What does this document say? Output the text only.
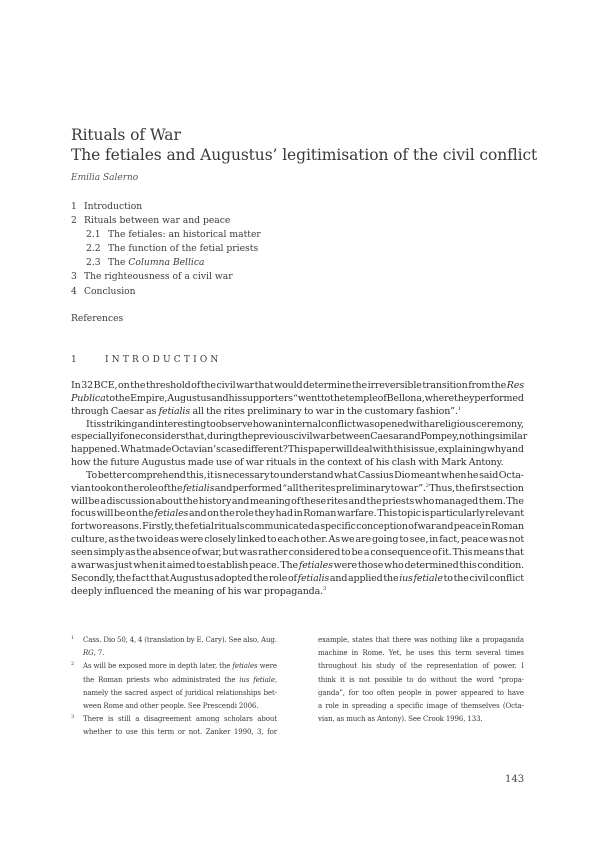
Rituals of War
The fetiales and Augustus’ legitimisation of the civil conflict
Emilia Salerno
1 Introduction
2 Rituals between war and peace
2.1 The fetiales: an historical matter
2.2 The function of the fetial priests
2.3 The Columna Bellica
3 The righteousness of a civil war
4 Conclusion
References
1	INTRODUCTION
In 32 BCE, on the threshold of the civil war that would determine the irreversible transition from the Res
Publica to the Empire, Augustus and his supporters “went to the temple of Bellona, where they performed
through Caesar as fetialis all the rites preliminary to war in the customary fashion”.$^1$
It is striking and interesting to observe how an internal conflict was opened with a religious ceremony,
especially if one considers that, during the previous civil war between Caesar and Pompey, nothing similar
happened. What made Octavian’s case different? This paper will deal with this issue, explaining why and
how the future Augustus made use of war rituals in the context of his clash with Mark Antony.
To better comprehend this, it is necessary to understand what Cassius Dio meant when he said Octa-
vian took on the role of the fetialis and performed “all the rites preliminary to war”.$^2$ Thus, the first section
will be a discussion about the history and meaning of these rites and the priests who managed them. The
focus will be on the fetiales and on the role they had in Roman warfare. This topic is particularly relevant
for two reasons. Firstly, the fetial rituals communicated a specific conception of war and peace in Roman
culture, as the two ideas were closely linked to each other. As we are going to see, in fact, peace was not
seen simply as the absence of war, but was rather considered to be a consequence of it. This means that
a war was just when it aimed to establish peace. The fetiales were those who determined this condition.
Secondly, the fact that Augustus adopted the role of fetialis and applied the ius fetiale to the civil conflict
deeply influenced the meaning of his war propaganda.$^3$
1 Cass. Dio 50, 4, 4 (translation by E. Cary). See also, Aug.
RG, 7.
2 As will be exposed more in depth later, the fetiales were
the Roman priests who administrated the ius fetiale,
namely the sacred aspect of juridical relationships bet-
ween Rome and other people. See Prescendi 2006.
3 There is still a disagreement among scholars about
whether to use this term or not. Zanker 1990, 3, for
example, states that there was nothing like a propaganda
machine in Rome. Yet, he uses this term several times
throughout his study of the representation of power. I
think it is not possible to do without the word “propa-
ganda”, for too often people in power appeared to have
a role in spreading a specific image of themselves (Octa-
vian, as much as Antony). See Crook 1996, 133.
143
